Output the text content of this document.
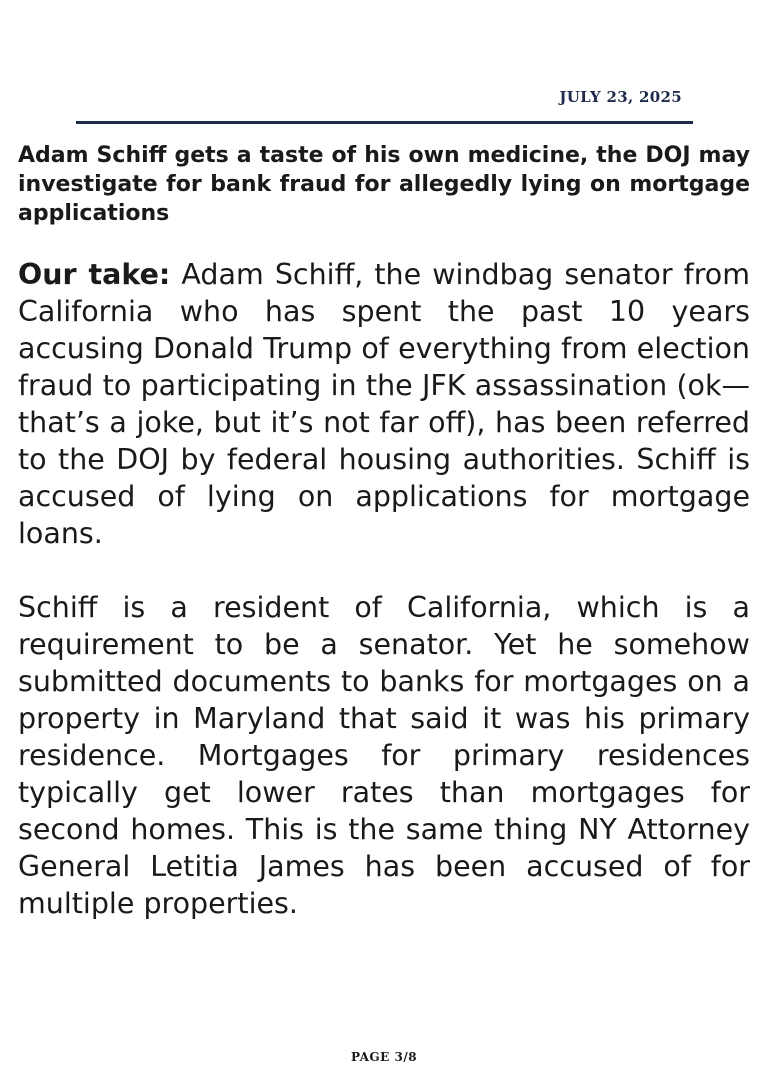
JULY 23, 2025
Adam Schiff gets a taste of his own medicine, the DOJ may investigate for bank fraud for allegedly lying on mortgage applications

Our take: Adam Schiff, the windbag senator from California who has spent the past 10 years accusing Donald Trump of everything from election fraud to participating in the JFK assassination (ok—that’s a joke, but it’s not far off), has been referred to the DOJ by federal housing authorities. Schiff is accused of lying on applications for mortgage loans.

Schiff is a resident of California, which is a requirement to be a senator. Yet he somehow submitted documents to banks for mortgages on a property in Maryland that said it was his primary residence. Mortgages for primary residences typically get lower rates than mortgages for second homes. This is the same thing NY Attorney General Letitia James has been accused of for multiple properties.

PAGE 3/8
